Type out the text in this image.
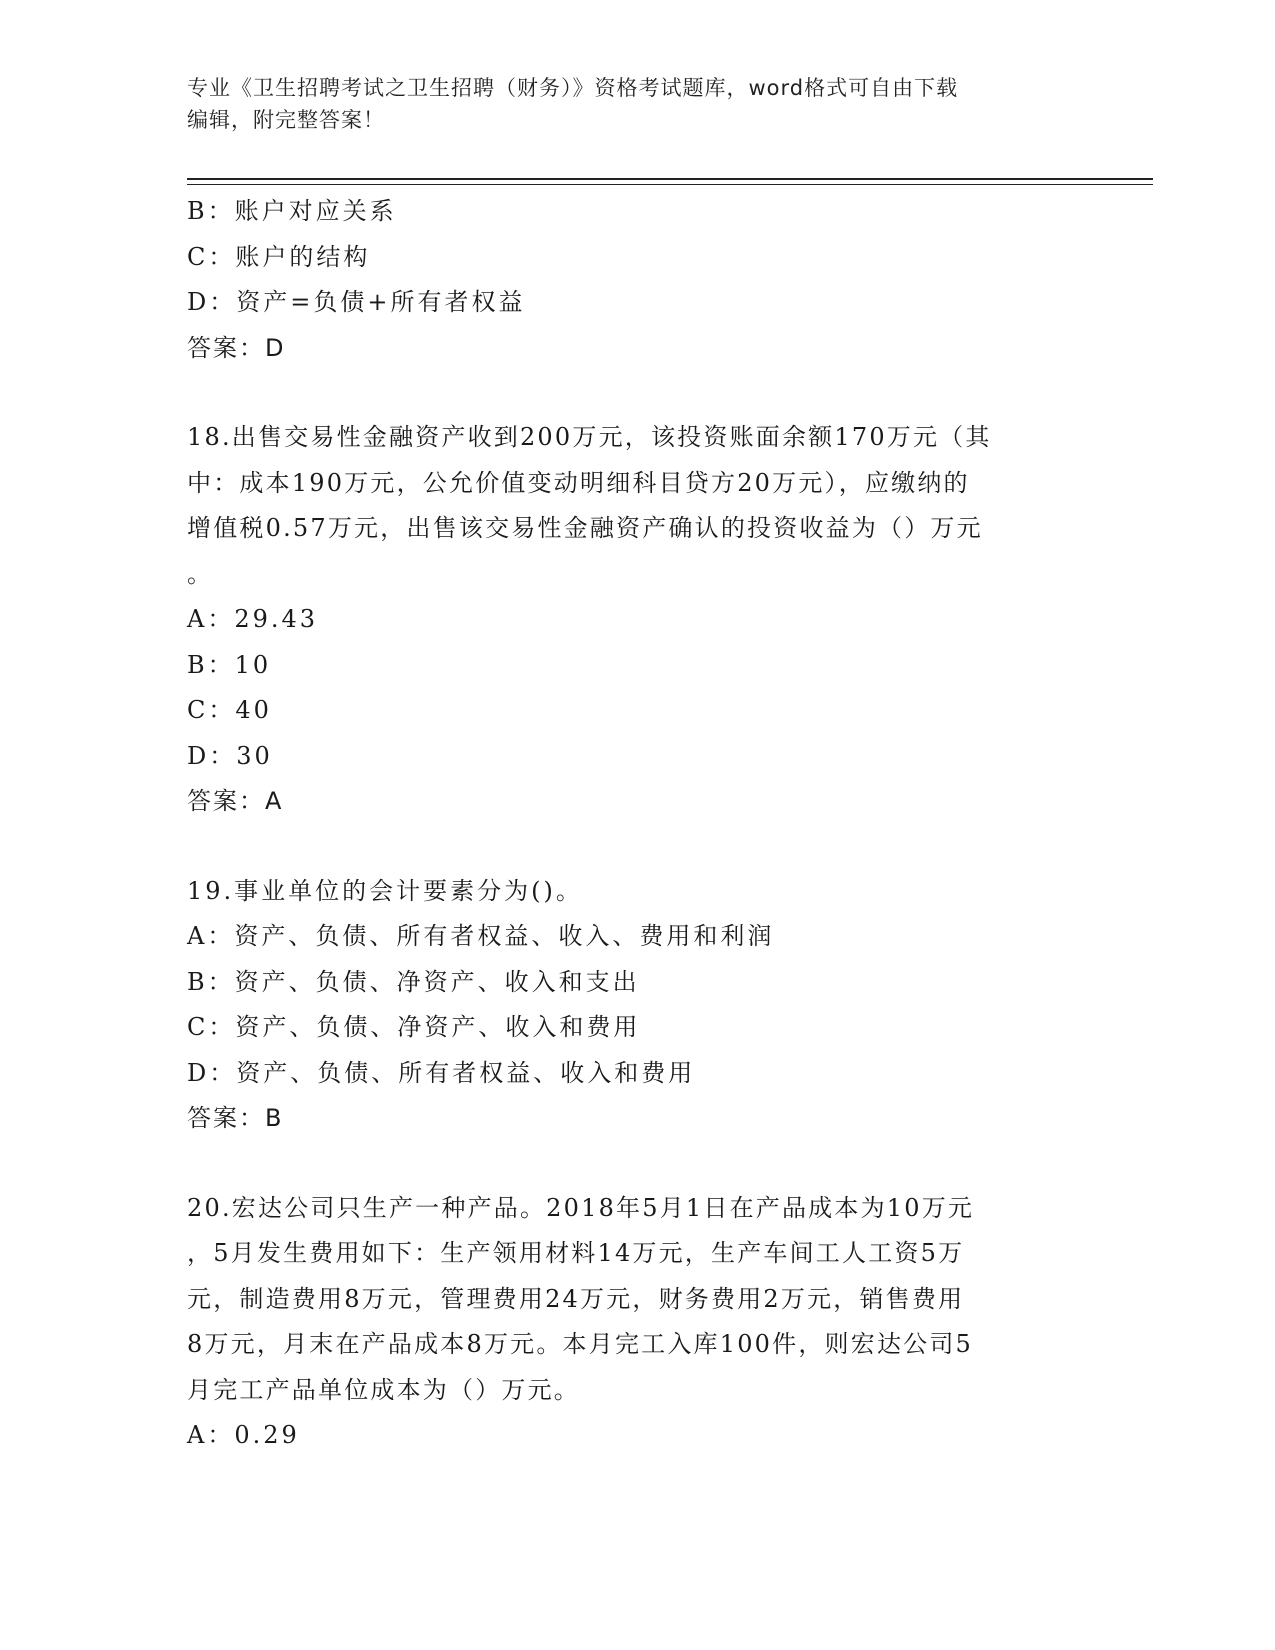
专业《卫生招聘考试之卫生招聘（财务）》资格考试题库，word格式可自由下载
编辑，附完整答案！
B：账户对应关系
C：账户的结构
D：资产=负债+所有者权益
答案：D
18.出售交易性金融资产收到200万元，该投资账面余额170万元（其
中：成本190万元，公允价值变动明细科目贷方20万元），应缴纳的
增值税0.57万元，出售该交易性金融资产确认的投资收益为（）万元
。
A：29.43
B：10
C：40
D：30
答案：A
19.事业单位的会计要素分为()。
A：资产、负债、所有者权益、收入、费用和利润
B：资产、负债、净资产、收入和支出
C：资产、负债、净资产、收入和费用
D：资产、负债、所有者权益、收入和费用
答案：B
20.宏达公司只生产一种产品。2018年5月1日在产品成本为10万元
，5月发生费用如下：生产领用材料14万元，生产车间工人工资5万
元，制造费用8万元，管理费用24万元，财务费用2万元，销售费用
8万元，月末在产品成本8万元。本月完工入库100件，则宏达公司5
月完工产品单位成本为（）万元。
A：0.29
